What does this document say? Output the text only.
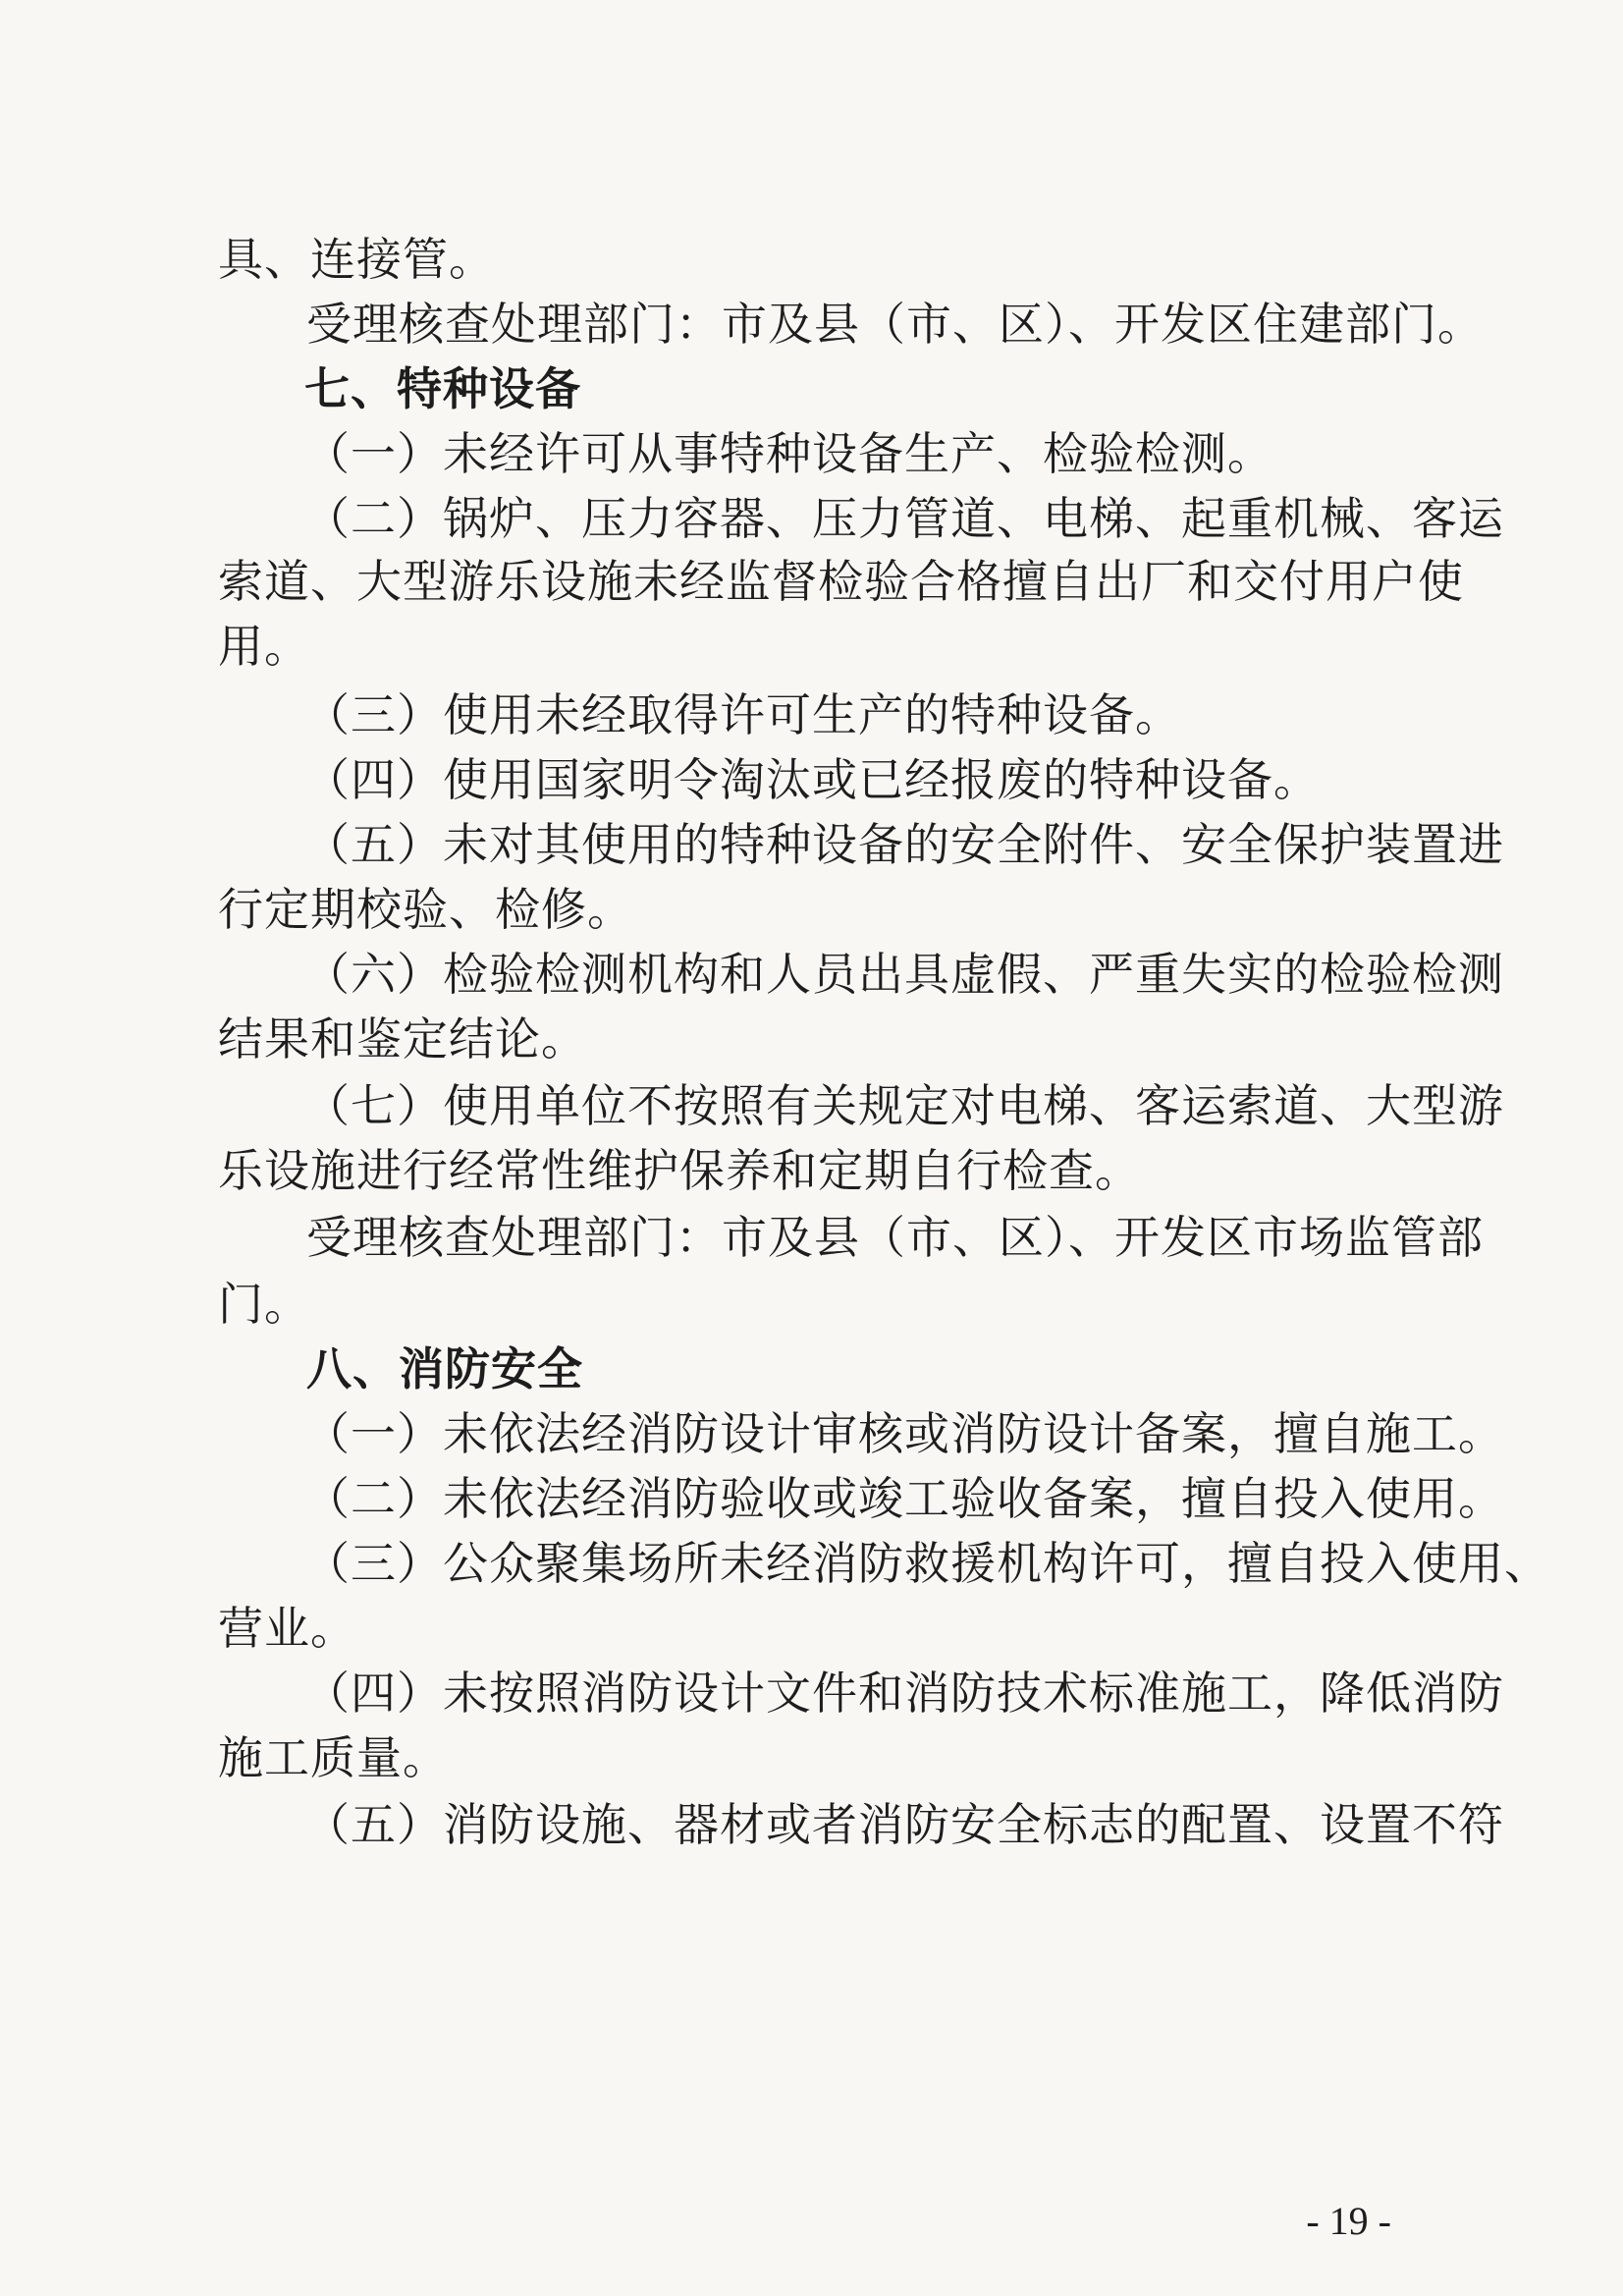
具、连接管。
受理核查处理部门：市及县（市、区）、开发区住建部门。
七、特种设备
（一）未经许可从事特种设备生产、检验检测。
（二）锅炉、压力容器、压力管道、电梯、起重机械、客运
索道、大型游乐设施未经监督检验合格擅自出厂和交付用户使
用。
（三）使用未经取得许可生产的特种设备。
（四）使用国家明令淘汰或已经报废的特种设备。
（五）未对其使用的特种设备的安全附件、安全保护装置进
行定期校验、检修。
（六）检验检测机构和人员出具虚假、严重失实的检验检测
结果和鉴定结论。
（七）使用单位不按照有关规定对电梯、客运索道、大型游
乐设施进行经常性维护保养和定期自行检查。
受理核查处理部门：市及县（市、区）、开发区市场监管部
门。
八、消防安全
（一）未依法经消防设计审核或消防设计备案，擅自施工。
（二）未依法经消防验收或竣工验收备案，擅自投入使用。
（三）公众聚集场所未经消防救援机构许可，擅自投入使用、
营业。
（四）未按照消防设计文件和消防技术标准施工，降低消防
施工质量。
（五）消防设施、器材或者消防安全标志的配置、设置不符
- 19 -
